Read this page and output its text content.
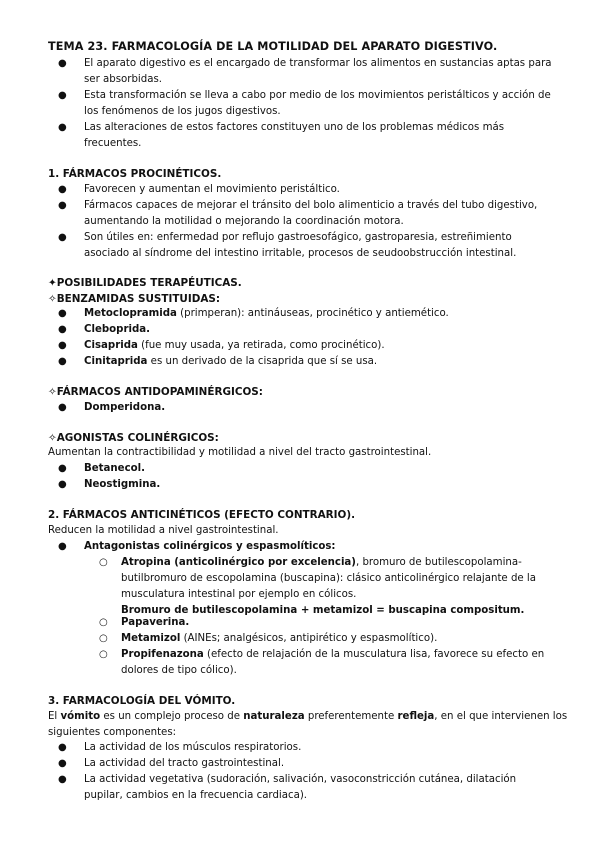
TEMA 23. FARMACOLOGÍA DE LA MOTILIDAD DEL APARATO DIGESTIVO.
● El aparato digestivo es el encargado de transformar los alimentos en sustancias aptas para ser absorbidas.
● Esta transformación se lleva a cabo por medio de los movimientos peristálticos y acción de los fenómenos de los jugos digestivos.
● Las alteraciones de estos factores constituyen uno de los problemas médicos más frecuentes.
1. FÁRMACOS PROCINÉTICOS.
● Favorecen y aumentan el movimiento peristáltico.
● Fármacos capaces de mejorar el tránsito del bolo alimenticio a través del tubo digestivo, aumentando la motilidad o mejorando la coordinación motora.
● Son útiles en: enfermedad por reflujo gastroesofágico, gastroparesia, estreñimiento asociado al síndrome del intestino irritable, procesos de seudoobstrucción intestinal.
✦POSIBILIDADES TERAPÉUTICAS.
✧BENZAMIDAS SUSTITUIDAS:
● Metoclopramida (primperan): antináuseas, procinético y antiemético.
● Cleboprida.
● Cisaprida (fue muy usada, ya retirada, como procinético).
● Cinitaprida es un derivado de la cisaprida que sí se usa.
✧FÁRMACOS ANTIDOPAMINÉRGICOS:
● Domperidona.
✧AGONISTAS COLINÉRGICOS:
Aumentan la contractibilidad y motilidad a nivel del tracto gastrointestinal.
● Betanecol.
● Neostigmina.
2. FÁRMACOS ANTICINÉTICOS (EFECTO CONTRARIO).
Reducen la motilidad a nivel gastrointestinal.
● Antagonistas colinérgicos y espasmolíticos:
○ Atropina (anticolinérgico por excelencia), bromuro de butilescopolamina-butilbromuro de escopolamina (buscapina): clásico anticolinérgico relajante de la musculatura intestinal por ejemplo en cólicos.
Bromuro de butilescopolamina + metamizol = buscapina compositum.
○ Papaverina.
○ Metamizol (AINEs; analgésicos, antipirético y espasmolítico).
○ Propifenazona (efecto de relajación de la musculatura lisa, favorece su efecto en dolores de tipo cólico).
3. FARMACOLOGÍA DEL VÓMITO.
El vómito es un complejo proceso de naturaleza preferentemente refleja, en el que intervienen los siguientes componentes:
● La actividad de los músculos respiratorios.
● La actividad del tracto gastrointestinal.
● La actividad vegetativa (sudoración, salivación, vasoconstricción cutánea, dilatación pupilar, cambios en la frecuencia cardiaca).
